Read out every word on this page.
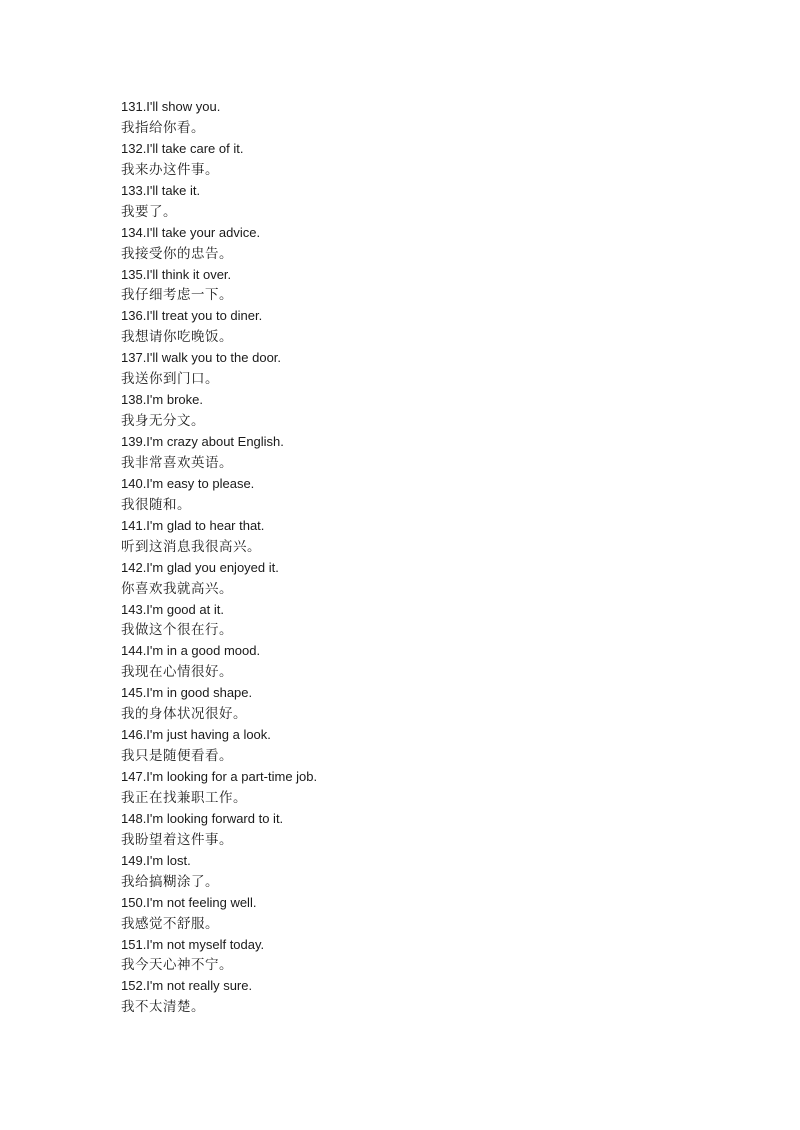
131.I'll show you.
我指给你看。
132.I'll take care of it.
我来办这件事。
133.I'll take it.
我要了。
134.I'll take your advice.
我接受你的忠告。
135.I'll think it over.
我仔细考虑一下。
136.I'll treat you to diner.
我想请你吃晚饭。
137.I'll walk you to the door.
我送你到门口。
138.I'm broke.
我身无分文。
139.I'm crazy about English.
我非常喜欢英语。
140.I'm easy to please.
我很随和。
141.I'm glad to hear that.
听到这消息我很高兴。
142.I'm glad you enjoyed it.
你喜欢我就高兴。
143.I'm good at it.
我做这个很在行。
144.I'm in a good mood.
我现在心情很好。
145.I'm in good shape.
我的身体状况很好。
146.I'm just having a look.
我只是随便看看。
147.I'm looking for a part-time job.
我正在找兼职工作。
148.I'm looking forward to it.
我盼望着这件事。
149.I'm lost.
我给搞糊涂了。
150.I'm not feeling well.
我感觉不舒服。
151.I'm not myself today.
我今天心神不宁。
152.I'm not really sure.
我不太清楚。
